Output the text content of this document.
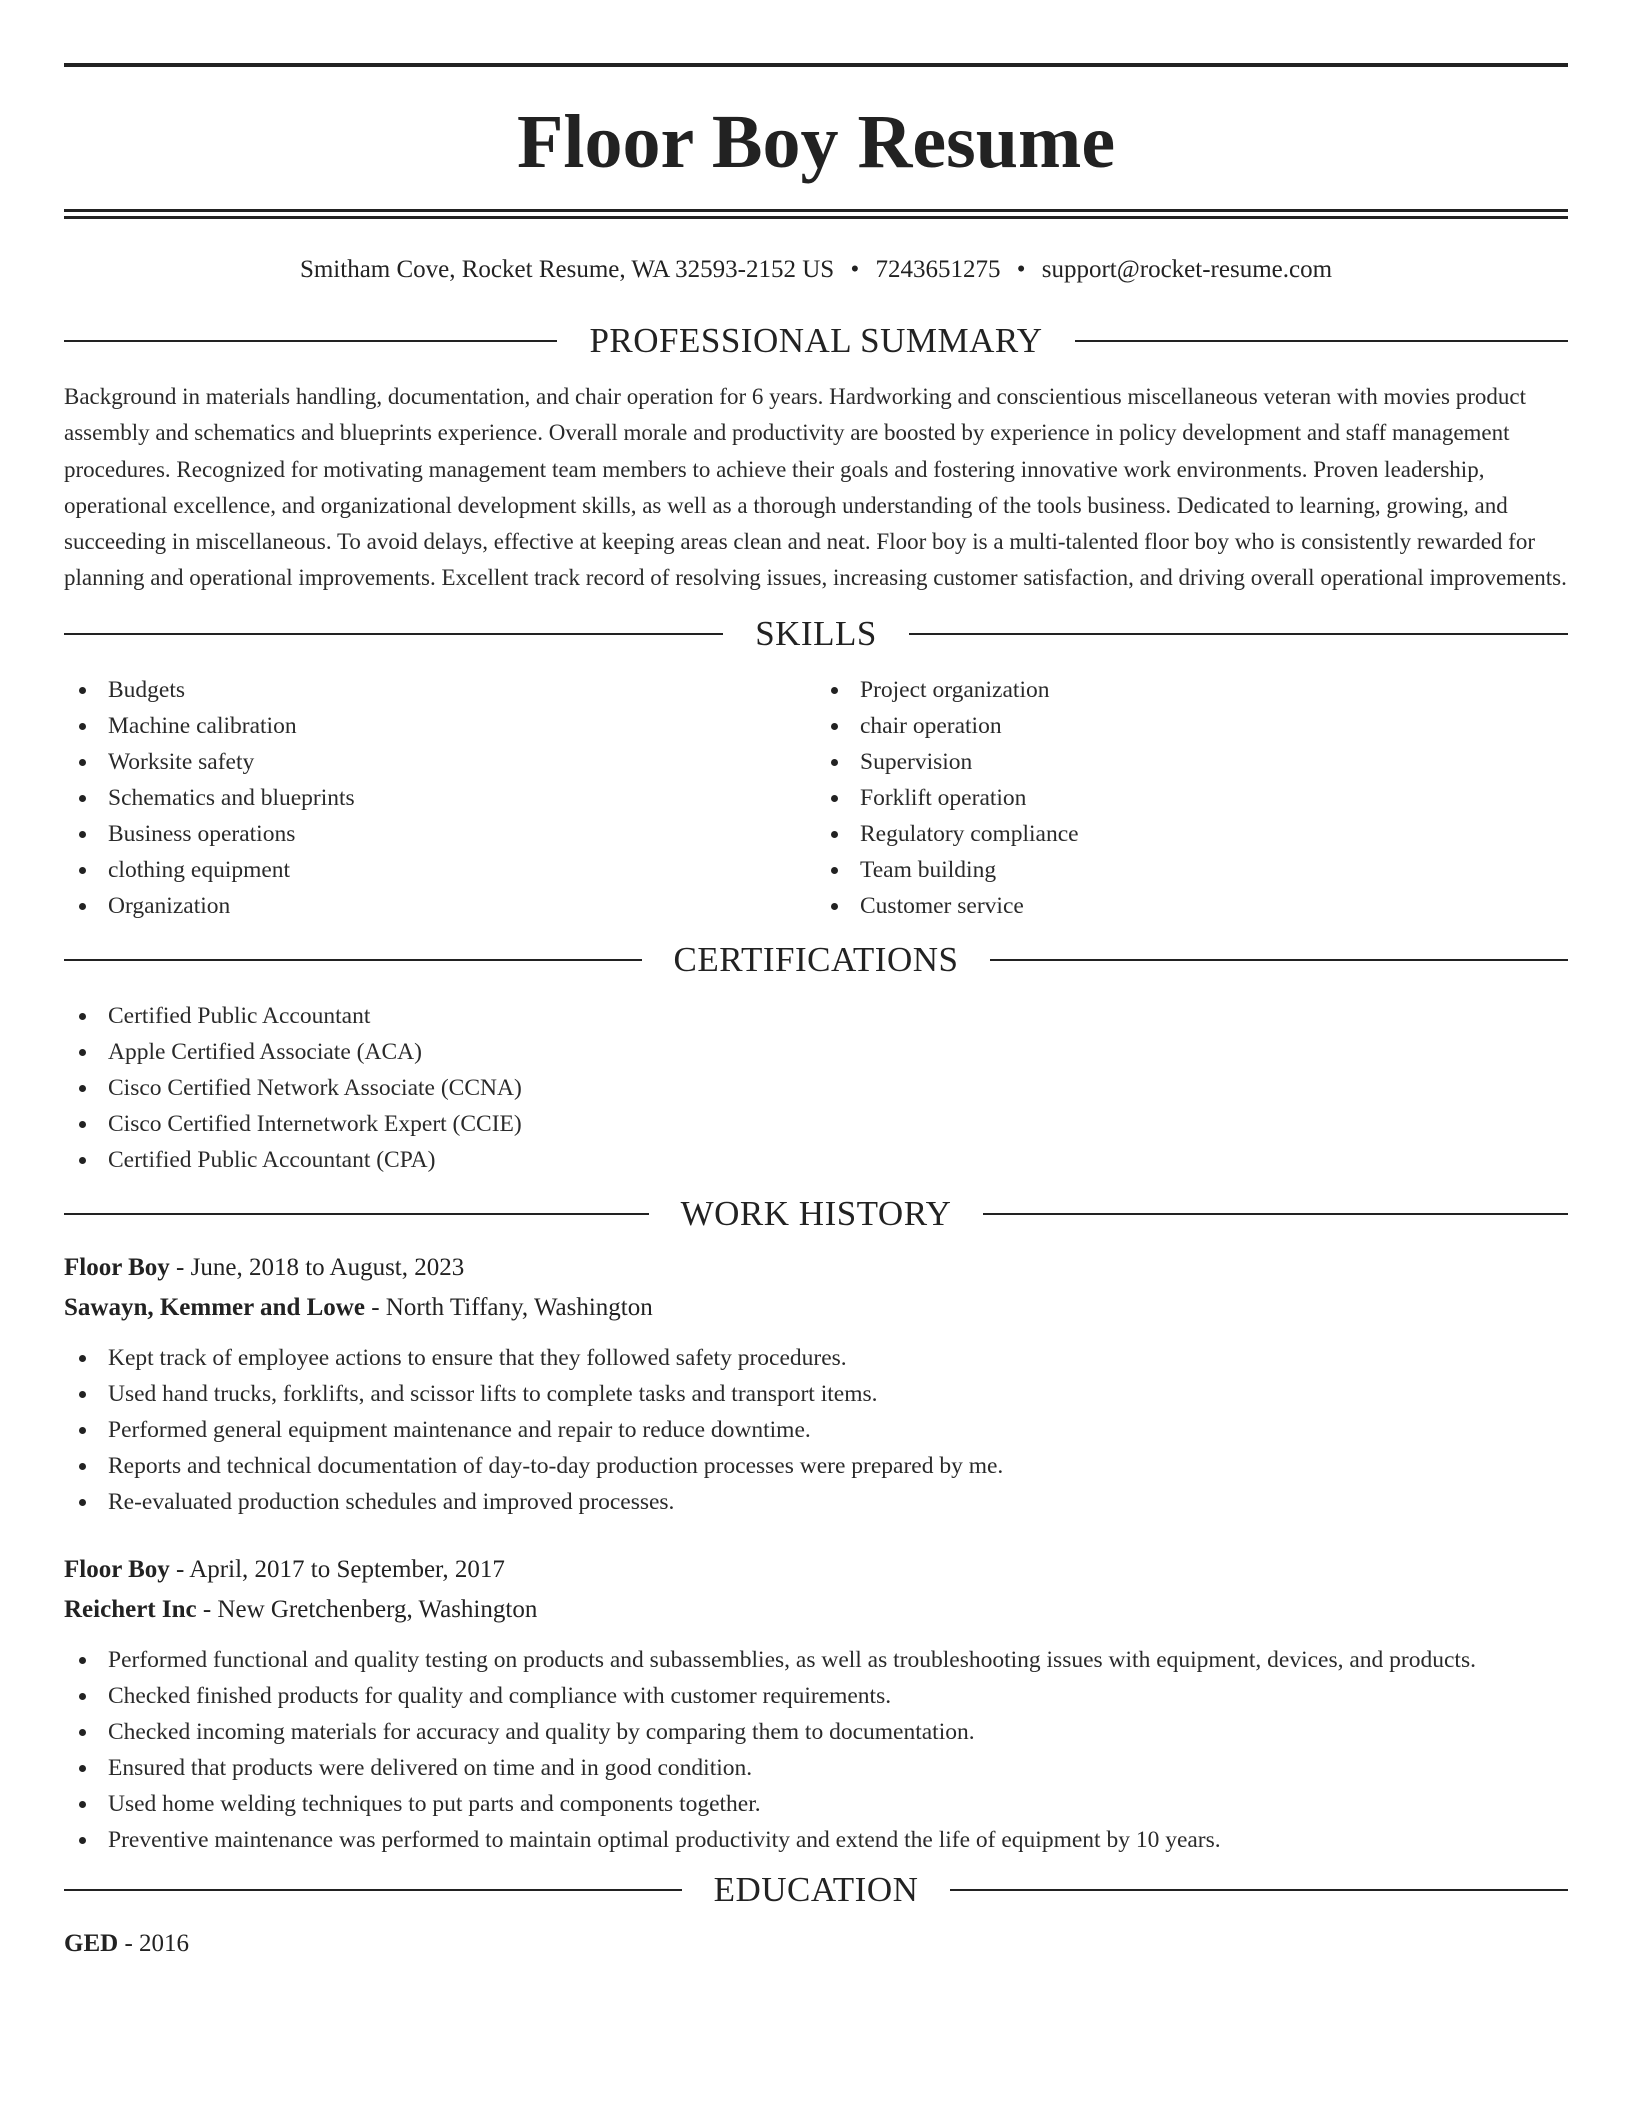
Floor Boy Resume
Smitham Cove, Rocket Resume, WA 32593-2152 US • 7243651275 • support@rocket-resume.com
PROFESSIONAL SUMMARY

Background in materials handling, documentation, and chair operation for 6 years. Hardworking and conscientious miscellaneous veteran with movies product assembly and schematics and blueprints experience. Overall morale and productivity are boosted by experience in policy development and staff management procedures. Recognized for motivating management team members to achieve their goals and fostering innovative work environments. Proven leadership, operational excellence, and organizational development skills, as well as a thorough understanding of the tools business. Dedicated to learning, growing, and succeeding in miscellaneous. To avoid delays, effective at keeping areas clean and neat. Floor boy is a multi-talented floor boy who is consistently rewarded for planning and operational improvements. Excellent track record of resolving issues, increasing customer satisfaction, and driving overall operational improvements.

SKILLS
Budgets
Machine calibration
Worksite safety
Schematics and blueprints
Business operations
clothing equipment
Organization
Project organization
chair operation
Supervision
Forklift operation
Regulatory compliance
Team building
Customer service
CERTIFICATIONS
Certified Public Accountant
Apple Certified Associate (ACA)
Cisco Certified Network Associate (CCNA)
Cisco Certified Internetwork Expert (CCIE)
Certified Public Accountant (CPA)
WORK HISTORY
Floor Boy - June, 2018 to August, 2023
Sawayn, Kemmer and Lowe - North Tiffany, Washington
Kept track of employee actions to ensure that they followed safety procedures.
Used hand trucks, forklifts, and scissor lifts to complete tasks and transport items.
Performed general equipment maintenance and repair to reduce downtime.
Reports and technical documentation of day-to-day production processes were prepared by me.
Re-evaluated production schedules and improved processes.
Floor Boy - April, 2017 to September, 2017
Reichert Inc - New Gretchenberg, Washington
Performed functional and quality testing on products and subassemblies, as well as troubleshooting issues with equipment, devices, and products.
Checked finished products for quality and compliance with customer requirements.
Checked incoming materials for accuracy and quality by comparing them to documentation.
Ensured that products were delivered on time and in good condition.
Used home welding techniques to put parts and components together.
Preventive maintenance was performed to maintain optimal productivity and extend the life of equipment by 10 years.
EDUCATION
GED - 2016
